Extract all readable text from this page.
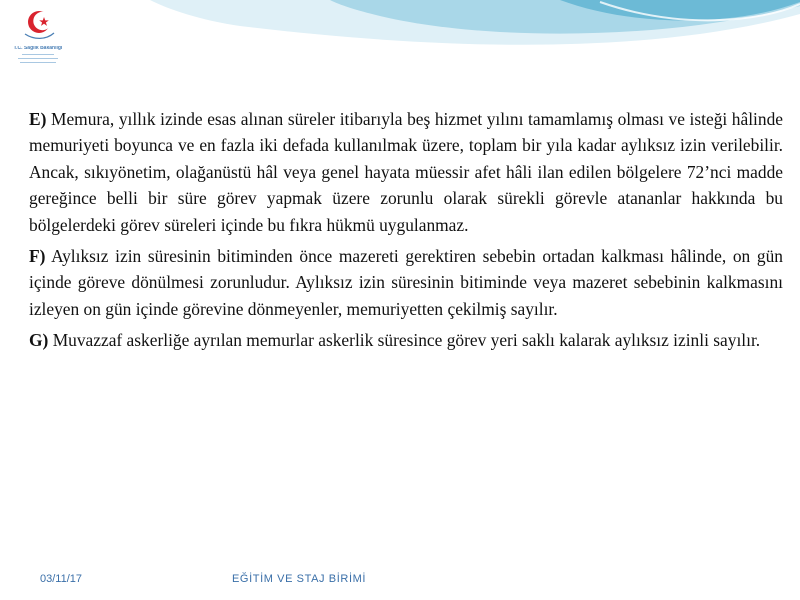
T.C. Sağlık Bakanlığı

E) Memura, yıllık izinde esas alınan süreler itibarıyla beş hizmet yılını tamamlamış olması ve isteği hâlinde memuriyeti boyunca ve en fazla iki defada kullanılmak üzere, toplam bir yıla kadar aylıksız izin verilebilir. Ancak, sıkıyönetim, olağanüstü hâl veya genel hayata müessir afet hâli ilan edilen bölgelere 72’nci madde gereğince belli bir süre görev yapmak üzere zorunlu olarak sürekli görevle atananlar hakkında bu bölgelerdeki görev süreleri içinde bu fıkra hükmü uygulanmaz.

F) Aylıksız izin süresinin bitiminden önce mazereti gerektiren sebebin ortadan kalkması hâlinde, on gün içinde göreve dönülmesi zorunludur. Aylıksız izin süresinin bitiminde veya mazeret sebebinin kalkmasını izleyen on gün içinde görevine dönmeyenler, memuriyetten çekilmiş sayılır.

G) Muvazzaf askerliğe ayrılan memurlar askerlik süresince görev yeri saklı kalarak aylıksız izinli sayılır.

03/11/17	EĞİTİM VE STAJ BİRİMİ
